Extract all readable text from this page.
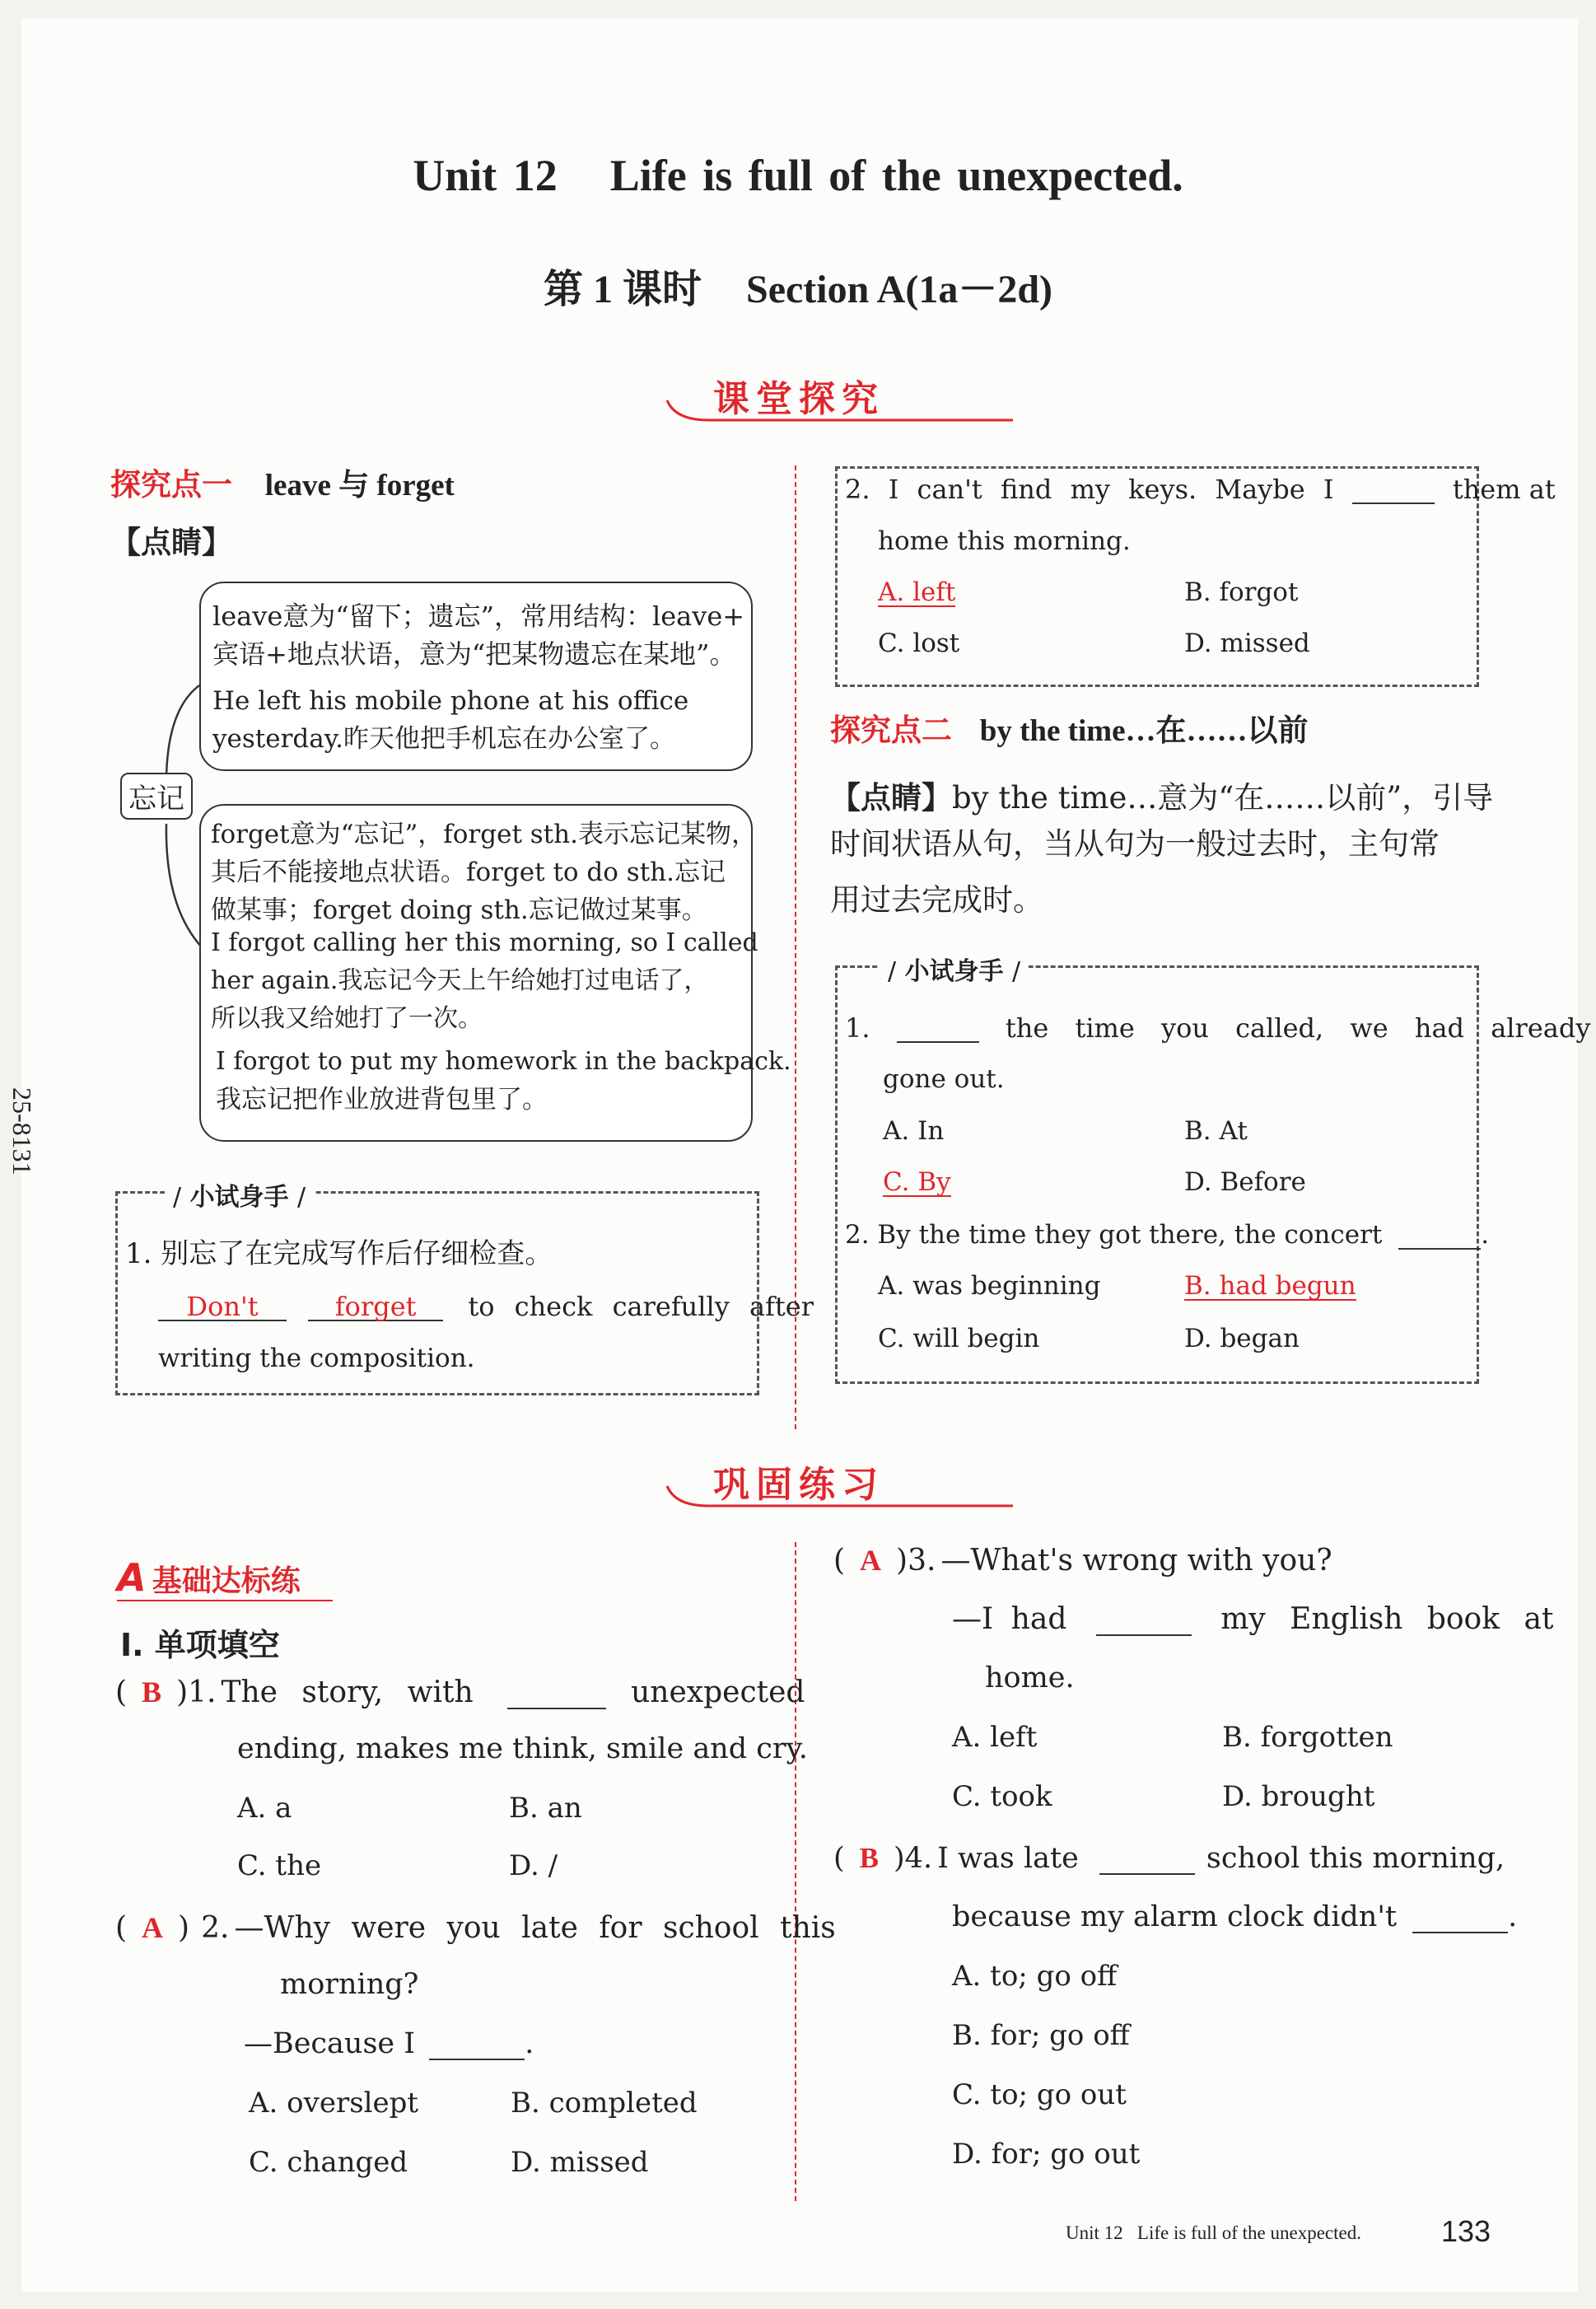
Unit 12 Life is full of the unexpected.
第 1 课时 Section A(1a－2d)
课堂探究
探究点一 leave 与 forget
【点睛】
忘记
leave意为“留下；遗忘”，常用结构：leave+
宾语+地点状语，意为“把某物遗忘在某地”。
He left his mobile phone at his office
yesterday.昨天他把手机忘在办公室了。
forget意为“忘记”，forget sth.表示忘记某物，
其后不能接地点状语。forget to do sth.忘记
做某事；forget doing sth.忘记做过某事。
I forgot calling her this morning, so I called
her again.我忘记今天上午给她打过电话了，
所以我又给她打了一次。
I forgot to put my homework in the backpack.
我忘记把作业放进背包里了。
/ 小试身手 /
1. 别忘了在完成写作后仔细检查。
Don't	forget to check carefully after
writing the composition.
2. I can't find my keys. Maybe I	them at
home this morning.
A. left	B. forgot
C. lost	D. missed
探究点二 by the time…在……以前
【点睛】by the time…意为“在……以前”，引导
时间状语从句，当从句为一般过去时，主句常
用过去完成时。
/ 小试身手 /
1.	the time you called, we had already
gone out.
A. In	B. At
C. By	D. Before
2. By the time they got there, the concert	.
A. was beginning	B. had begun
C. will begin	D. began
巩固练习
A 基础达标练
Ⅰ. 单项填空
( B )1. The story, with	unexpected
ending, makes me think, smile and cry.
A. a	B. an
C. the	D. /
( A ) 2. —Why were you late for school this
morning?
—Because I	.
A. overslept	B. completed
C. changed	D. missed
( A )3. —What's wrong with you?
—I had	my English book at
home.
A. left	B. forgotten
C. took	D. brought
( B )4. I was late	school this morning,
because my alarm clock didn't	.
A. to; go off
B. for; go off
C. to; go out
D. for; go out
Unit 12   Life is full of the unexpected.	133
25-8131
